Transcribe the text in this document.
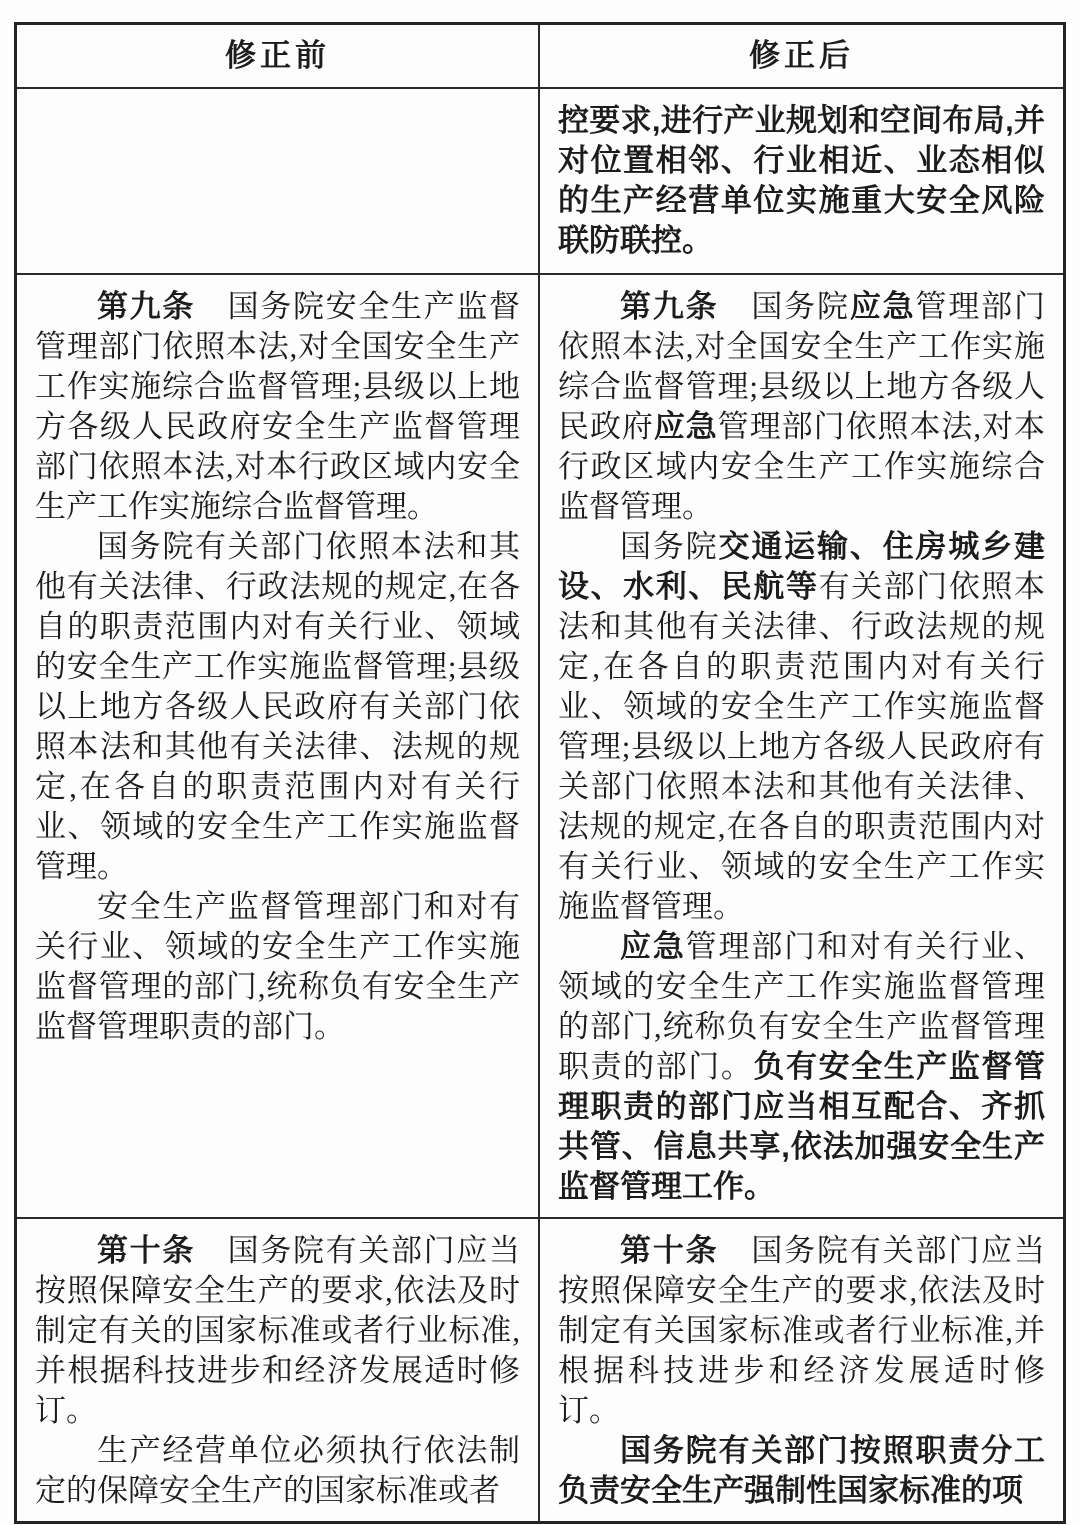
修正前	修正后

控要求,进行产业规划和空间布局,并对位置相邻、行业相近、业态相似的生产经营单位实施重大安全风险联防联控。

第九条　国务院安全生产监督管理部门依照本法,对全国安全生产工作实施综合监督管理;县级以上地方各级人民政府安全生产监督管理部门依照本法,对本行政区域内安全生产工作实施综合监督管理。

国务院有关部门依照本法和其他有关法律、行政法规的规定,在各自的职责范围内对有关行业、领域的安全生产工作实施监督管理;县级以上地方各级人民政府有关部门依照本法和其他有关法律、法规的规定,在各自的职责范围内对有关行业、领域的安全生产工作实施监督管理。

安全生产监督管理部门和对有关行业、领域的安全生产工作实施监督管理的部门,统称负有安全生产监督管理职责的部门。

第九条　国务院应急管理部门依照本法,对全国安全生产工作实施综合监督管理;县级以上地方各级人民政府应急管理部门依照本法,对本行政区域内安全生产工作实施综合监督管理。

国务院交通运输、住房城乡建设、水利、民航等有关部门依照本法和其他有关法律、行政法规的规定,在各自的职责范围内对有关行业、领域的安全生产工作实施监督管理;县级以上地方各级人民政府有关部门依照本法和其他有关法律、法规的规定,在各自的职责范围内对有关行业、领域的安全生产工作实施监督管理。

应急管理部门和对有关行业、领域的安全生产工作实施监督管理的部门,统称负有安全生产监督管理职责的部门。负有安全生产监督管理职责的部门应当相互配合、齐抓共管、信息共享,依法加强安全生产监督管理工作。

第十条　国务院有关部门应当按照保障安全生产的要求,依法及时制定有关的国家标准或者行业标准,并根据科技进步和经济发展适时修订。

生产经营单位必须执行依法制定的保障安全生产的国家标准或者

第十条　国务院有关部门应当按照保障安全生产的要求,依法及时制定有关国家标准或者行业标准,并根据科技进步和经济发展适时修订。

国务院有关部门按照职责分工负责安全生产强制性国家标准的项
